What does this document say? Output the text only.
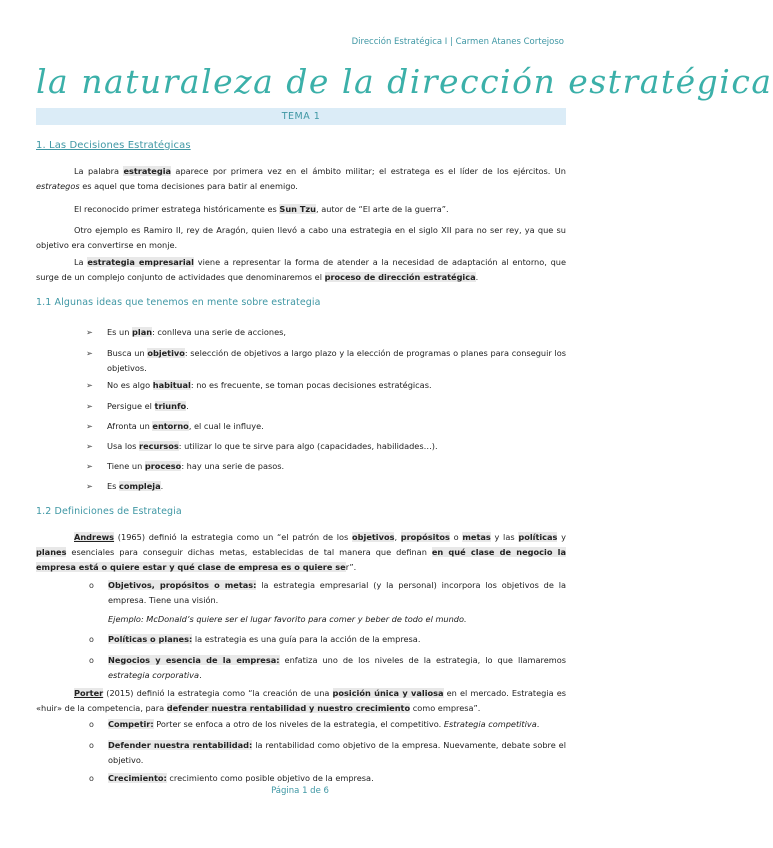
Dirección Estratégica I | Carmen Atanes Cortejoso
la naturaleza de la dirección estratégica
TEMA 1
1. Las Decisiones Estratégicas

La palabra estrategia aparece por primera vez en el ámbito militar; el estratega es el líder de los ejércitos. Un estrategos es aquel que toma decisiones para batir al enemigo.

El reconocido primer estratega históricamente es Sun Tzu, autor de “El arte de la guerra”.

Otro ejemplo es Ramiro II, rey de Aragón, quien llevó a cabo una estrategia en el siglo XII para no ser rey, ya que su objetivo era convertirse en monje.

La estrategia empresarial viene a representar la forma de atender a la necesidad de adaptación al entorno, que surge de un complejo conjunto de actividades que denominaremos el proceso de dirección estratégica.

1.1 Algunas ideas que tenemos en mente sobre estrategia
➢	Es un plan: conlleva una serie de acciones,
➢	Busca un objetivo: selección de objetivos a largo plazo y la elección de programas o planes para conseguir los objetivos.
➢	No es algo habitual: no es frecuente, se toman pocas decisiones estratégicas.
➢	Persigue el triunfo.
➢	Afronta un entorno, el cual le influye.
➢	Usa los recursos: utilizar lo que te sirve para algo (capacidades, habilidades…).
➢	Tiene un proceso: hay una serie de pasos.
➢	Es compleja.
1.2 Definiciones de Estrategia

Andrews (1965) definió la estrategia como un “el patrón de los objetivos, propósitos o metas y las políticas y planes esenciales para conseguir dichas metas, establecidas de tal manera que definan en qué clase de negocio la empresa está o quiere estar y qué clase de empresa es o quiere ser”.

o Objetivos, propósitos o metas: la estrategia empresarial (y la personal) incorpora los objetivos de la empresa. Tiene una visión.
Ejemplo: McDonald’s quiere ser el lugar favorito para comer y beber de todo el mundo.
o Políticas o planes: la estrategia es una guía para la acción de la empresa.
o Negocios y esencia de la empresa: enfatiza uno de los niveles de la estrategia, lo que llamaremos estrategia corporativa.

Porter (2015) definió la estrategia como “la creación de una posición única y valiosa en el mercado. Estrategia es «huir» de la competencia, para defender nuestra rentabilidad y nuestro crecimiento como empresa”.

o Competir: Porter se enfoca a otro de los niveles de la estrategia, el competitivo. Estrategia competitiva.
o Defender nuestra rentabilidad: la rentabilidad como objetivo de la empresa. Nuevamente, debate sobre el objetivo.
o Crecimiento: crecimiento como posible objetivo de la empresa.
Página 1 de 6
